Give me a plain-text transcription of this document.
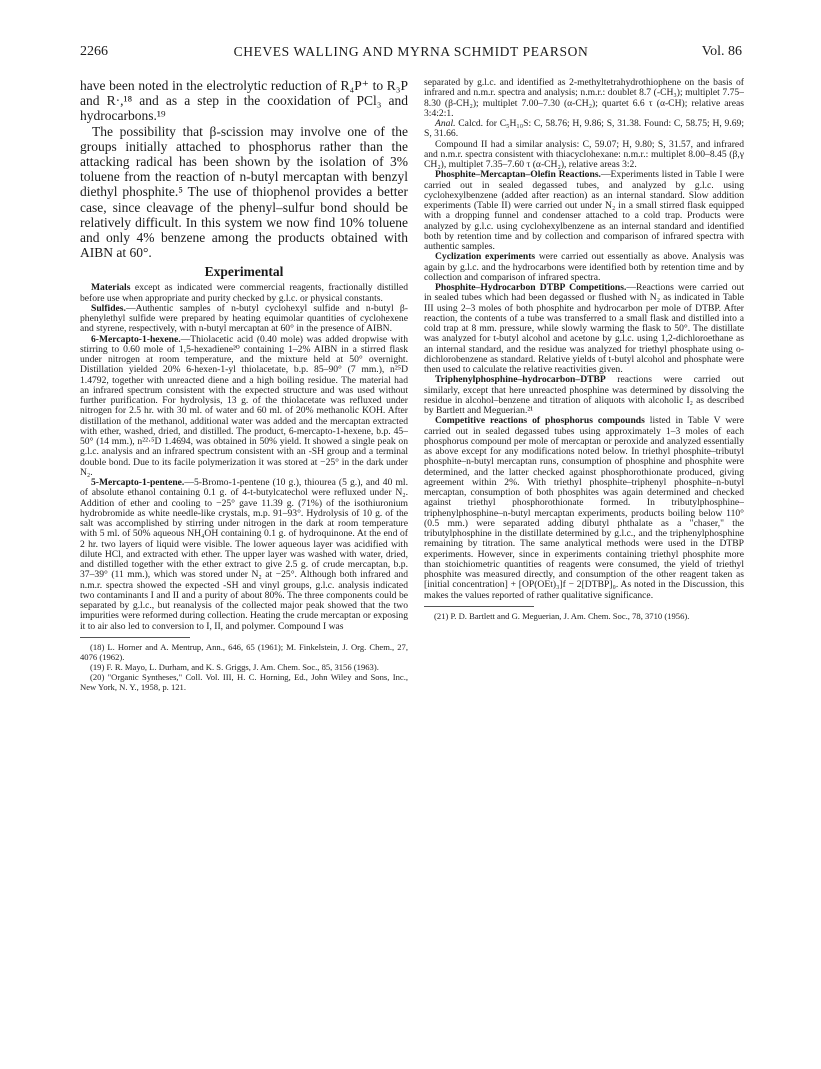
2266	CHEVES WALLING AND MYRNA SCHMIDT PEARSON	Vol. 86

have been noted in the electrolytic reduction of R₄P⁺ to R₃P and R·,¹⁸ and as a step in the cooxidation of PCl₃ and hydrocarbons.¹⁹

The possibility that β-scission may involve one of the groups initially attached to phosphorus rather than the attacking radical has been shown by the isolation of 3% toluene from the reaction of n-butyl mercaptan with benzyl diethyl phosphite.⁵ The use of thiophenol provides a better case, since cleavage of the phenyl–sulfur bond should be relatively difficult. In this system we now find 10% toluene and only 4% benzene among the products obtained with AIBN at 60°.

Experimental

Materials except as indicated were commercial reagents, fractionally distilled before use when appropriate and purity checked by g.l.c. or physical constants.

Sulfides.—Authentic samples of n-butyl cyclohexyl sulfide and n-butyl β-phenylethyl sulfide were prepared by heating equimolar quantities of cyclohexene and styrene, respectively, with n-butyl mercaptan at 60° in the presence of AIBN.

6-Mercapto-1-hexene.—Thiolacetic acid (0.40 mole) was added dropwise with stirring to 0.60 mole of 1,5-hexadiene²⁰ containing 1–2% AIBN in a stirred flask under nitrogen at room temperature, and the mixture held at 50° overnight. Distillation yielded 20% 6-hexen-1-yl thiolacetate, b.p. 85–90° (7 mm.), n²⁵D 1.4792, together with unreacted diene and a high boiling residue. The material had an infrared spectrum consistent with the expected structure and was used without further purification. For hydrolysis, 13 g. of the thiolacetate was refluxed under nitrogen for 2.5 hr. with 30 ml. of water and 60 ml. of 20% methanolic KOH. After distillation of the methanol, additional water was added and the mercaptan extracted with ether, washed, dried, and distilled. The product, 6-mercapto-1-hexene, b.p. 45–50° (14 mm.), n²²·⁵D 1.4694, was obtained in 50% yield. It showed a single peak on g.l.c. analysis and an infrared spectrum consistent with an -SH group and a terminal double bond. Due to its facile polymerization it was stored at −25° in the dark under N₂.

5-Mercapto-1-pentene.—5-Bromo-1-pentene (10 g.), thiourea (5 g.), and 40 ml. of absolute ethanol containing 0.1 g. of 4-t-butylcatechol were refluxed under N₂. Addition of ether and cooling to −25° gave 11.39 g. (71%) of the isothiuronium hydrobromide as white needle-like crystals, m.p. 91–93°. Hydrolysis of 10 g. of the salt was accomplished by stirring under nitrogen in the dark at room temperature with 5 ml. of 50% aqueous NH₄OH containing 0.1 g. of hydroquinone. At the end of 2 hr. two layers of liquid were visible. The lower aqueous layer was acidified with dilute HCl, and extracted with ether. The upper layer was washed with water, dried, and distilled together with the ether extract to give 2.5 g. of crude mercaptan, b.p. 37–39° (11 mm.), which was stored under N₂ at −25°. Although both infrared and n.m.r. spectra showed the expected -SH and vinyl groups, g.l.c. analysis indicated two contaminants I and II and a purity of about 80%. The three components could be separated by g.l.c., but reanalysis of the collected major peak showed that the two impurities were reformed during collection. Heating the crude mercaptan or exposing it to air also led to conversion to I, II, and polymer. Compound I was

(18) L. Horner and A. Mentrup, Ann., 646, 65 (1961); M. Finkelstein, J. Org. Chem., 27, 4076 (1962).

(19) F. R. Mayo, L. Durham, and K. S. Griggs, J. Am. Chem. Soc., 85, 3156 (1963).

(20) "Organic Syntheses," Coll. Vol. III, H. C. Horning, Ed., John Wiley and Sons, Inc., New York, N. Y., 1958, p. 121.

separated by g.l.c. and identified as 2-methyltetrahydrothiophene on the basis of infrared and n.m.r. spectra and analysis; n.m.r.: doublet 8.7 (-CH₃); multiplet 7.75–8.30 (β-CH₂); multiplet 7.00–7.30 (α-CH₂); quartet 6.6 τ (α-CH); relative areas 3:4:2:1.

Anal. Calcd. for C₅H₁₀S: C, 58.76; H, 9.86; S, 31.38. Found: C, 58.75; H, 9.69; S, 31.66.

Compound II had a similar analysis: C, 59.07; H, 9.80; S, 31.57, and infrared and n.m.r. spectra consistent with thiacyclohexane: n.m.r.: multiplet 8.00–8.45 (β,γ CH₂), multiplet 7.35–7.60 τ (α-CH₂), relative areas 3:2.

Phosphite–Mercaptan–Olefin Reactions.—Experiments listed in Table I were carried out in sealed degassed tubes, and analyzed by g.l.c. using cyclohexylbenzene (added after reaction) as an internal standard. Slow addition experiments (Table II) were carried out under N₂ in a small stirred flask equipped with a dropping funnel and condenser attached to a cold trap. Products were analyzed by g.l.c. using cyclohexylbenzene as an internal standard and identified both by retention time and by collection and comparison of infrared spectra with authentic samples.

Cyclization experiments were carried out essentially as above. Analysis was again by g.l.c. and the hydrocarbons were identified both by retention time and by collection and comparison of infrared spectra.

Phosphite–Hydrocarbon DTBP Competitions.—Reactions were carried out in sealed tubes which had been degassed or flushed with N₂ as indicated in Table III using 2–3 moles of both phosphite and hydrocarbon per mole of DTBP. After reaction, the contents of a tube was transferred to a small flask and distilled into a cold trap at 8 mm. pressure, while slowly warming the flask to 50°. The distillate was analyzed for t-butyl alcohol and acetone by g.l.c. using 1,2-dichloroethane as an internal standard, and the residue was analyzed for triethyl phosphate using o-dichlorobenzene as standard. Relative yields of t-butyl alcohol and phosphate were then used to calculate the relative reactivities given.

Triphenylphosphine–hydrocarbon–DTBP reactions were carried out similarly, except that here unreacted phosphine was determined by dissolving the residue in alcohol–benzene and titration of aliquots with alcoholic I₂ as described by Bartlett and Meguerian.²¹

Competitive reactions of phosphorus compounds listed in Table V were carried out in sealed degassed tubes using approximately 1–3 moles of each phosphorus compound per mole of mercaptan or peroxide and analyzed essentially as above except for any modifications noted below. In triethyl phosphite–tributyl phosphite–n-butyl mercaptan runs, consumption of phosphine and phosphite were determined, and the latter checked against phosphorothionate produced, giving agreement within 2%. With triethyl phosphite–triphenyl phosphite–n-butyl mercaptan, consumption of both phosphites was again determined and checked against triethyl phosphorothionate formed. In tributylphosphine–triphenylphosphine–n-butyl mercaptan experiments, products boiling below 110° (0.5 mm.) were separated adding dibutyl phthalate as a "chaser," the tributylphosphine in the distillate determined by g.l.c., and the triphenylphosphine remaining by titration. The same analytical methods were used in the DTBP experiments. However, since in experiments containing triethyl phosphite more than stoichiometric quantities of reagents were consumed, the yield of triethyl phosphite was measured directly, and consumption of the other reagent taken as [initial concentration] + [OP(OEt)₃]f − 2[DTBP]₀. As noted in the Discussion, this makes the values reported of rather qualitative significance.

(21) P. D. Bartlett and G. Meguerian, J. Am. Chem. Soc., 78, 3710 (1956).
